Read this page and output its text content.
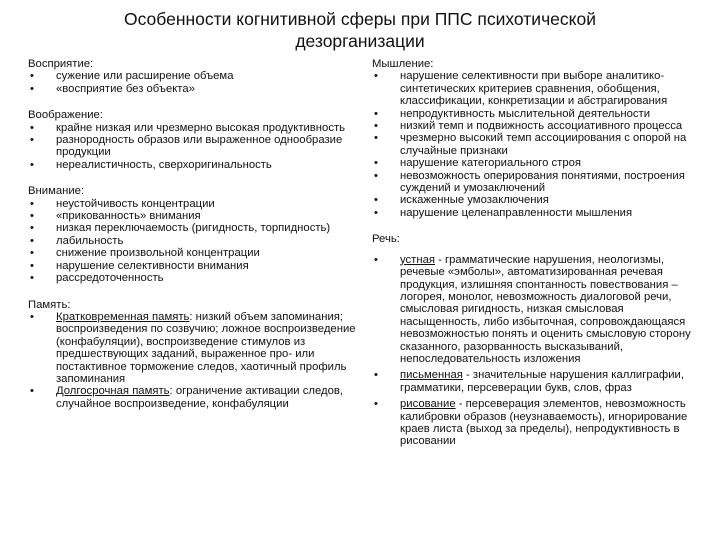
Особенности когнитивной сферы при ППС психотической
дезорганизации
Восприятие:
• сужение или расширение объема
• «восприятие без объекта»
Воображение:
• крайне низкая или чрезмерно высокая продуктивность
• разнородность образов или выраженное однообразие продукции
• нереалистичность, сверхоригинальность
Внимание:
• неустойчивость концентрации
• «прикованность» внимания
• низкая переключаемость (ригидность, торпидность)
• лабильность
• снижение произвольной концентрации
• нарушение селективности внимания
• рассредоточенность
Память:
• Кратковременная память: низкий объем запоминания; воспроизведения по созвучию; ложное воспроизведение (конфабуляции), воспроизведение стимулов из предшествующих заданий, выраженное про- или постактивное торможение следов, хаотичный профиль запоминания
• Долгосрочная память: ограничение активации следов, случайное воспроизведение, конфабуляции
Мышление:
• нарушение селективности при выборе аналитико-синтетических критериев сравнения, обобщения, классификации, конкретизации и абстрагирования
• непродуктивность мыслительной деятельности
• низкий темп и подвижность ассоциативного процесса
• чрезмерно высокий темп ассоциирования с опорой на случайные признаки
• нарушение категориального строя
• невозможность оперирования понятиями, построения суждений и умозаключений
• искаженные умозаключения
• нарушение целенаправленности мышления
Речь:
• устная - грамматические нарушения, неологизмы, речевые «эмболы», автоматизированная речевая продукция, излишняя спонтанность повествования – логорея, монолог, невозможность диалоговой речи, смысловая ригидность, низкая смысловая насыщенность, либо избыточная, сопровождающаяся невозможностью понять и оценить смысловую сторону сказанного, разорванность высказываний, непоследовательность изложения
• письменная - значительные нарушения каллиграфии, грамматики, персеверации букв, слов, фраз
• рисование - персеверация элементов, невозможность калибровки образов (неузнаваемость), игнорирование краев листа (выход за пределы), непродуктивность в рисовании
